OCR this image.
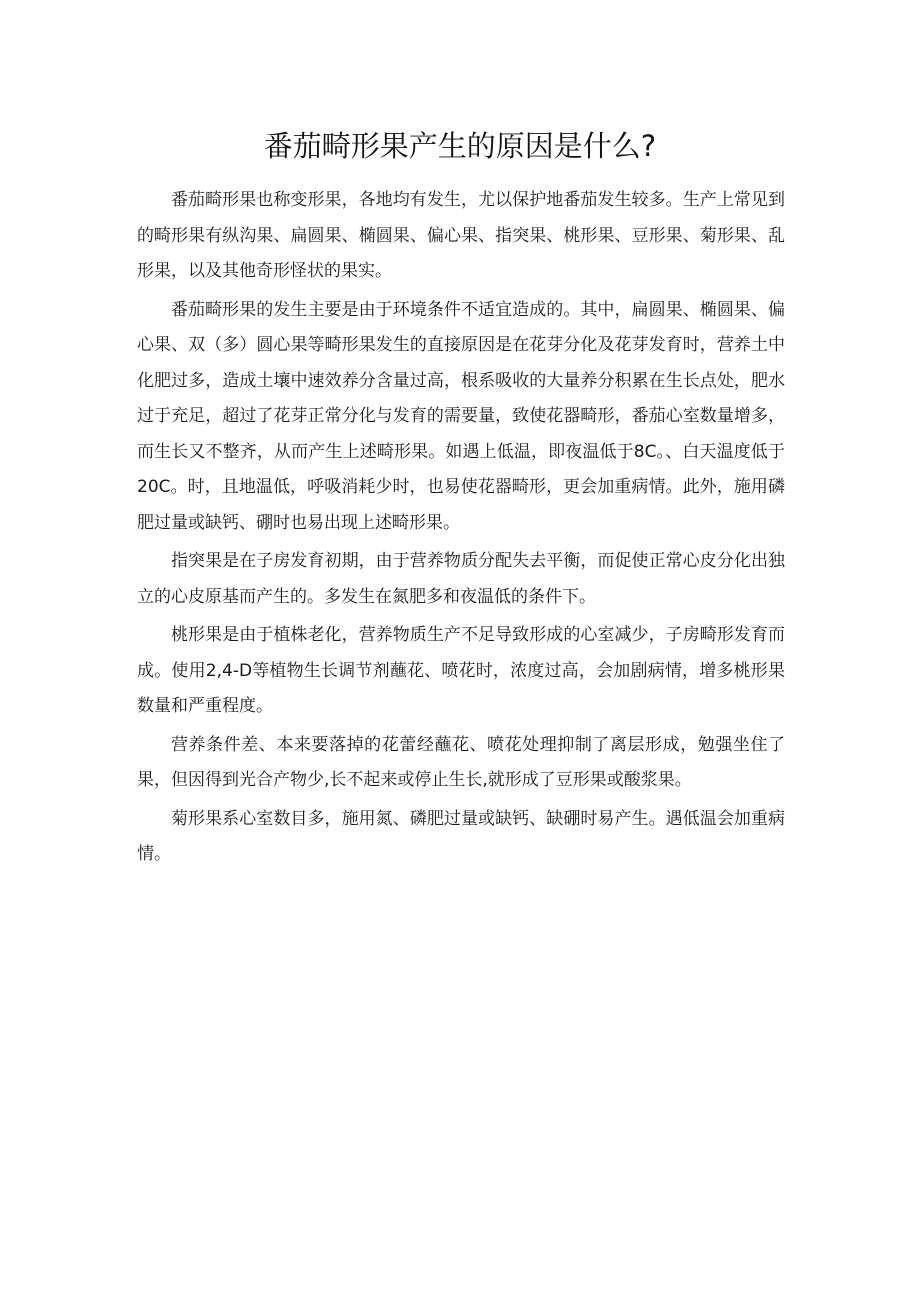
番茄畸形果产生的原因是什么?

番茄畸形果也称变形果，各地均有发生，尤以保护地番茄发生较多。生产上常见到的畸形果有纵沟果、扁圆果、椭圆果、偏心果、指突果、桃形果、豆形果、菊形果、乱形果，以及其他奇形怪状的果实。

番茄畸形果的发生主要是由于环境条件不适宜造成的。其中，扁圆果、椭圆果、偏心果、双（多）圆心果等畸形果发生的直接原因是在花芽分化及花芽发育时，营养土中化肥过多，造成土壤中速效养分含量过高，根系吸收的大量养分积累在生长点处，肥水过于充足，超过了花芽正常分化与发育的需要量，致使花器畸形，番茄心室数量增多，而生长又不整齐，从而产生上述畸形果。如遇上低温，即夜温低于8C。、白天温度低于20C。时，且地温低，呼吸消耗少时，也易使花器畸形，更会加重病情。此外，施用磷肥过量或缺钙、硼时也易出现上述畸形果。

指突果是在子房发育初期，由于营养物质分配失去平衡，而促使正常心皮分化出独立的心皮原基而产生的。多发生在氮肥多和夜温低的条件下。

桃形果是由于植株老化，营养物质生产不足导致形成的心室减少，子房畸形发育而成。使用2,4-D等植物生长调节剂蘸花、喷花时，浓度过高，会加剧病情，增多桃形果数量和严重程度。

营养条件差、本来要落掉的花蕾经蘸花、喷花处理抑制了离层形成，勉强坐住了果，但因得到光合产物少,长不起来或停止生长,就形成了豆形果或酸浆果。

菊形果系心室数目多，施用氮、磷肥过量或缺钙、缺硼时易产生。遇低温会加重病情。
